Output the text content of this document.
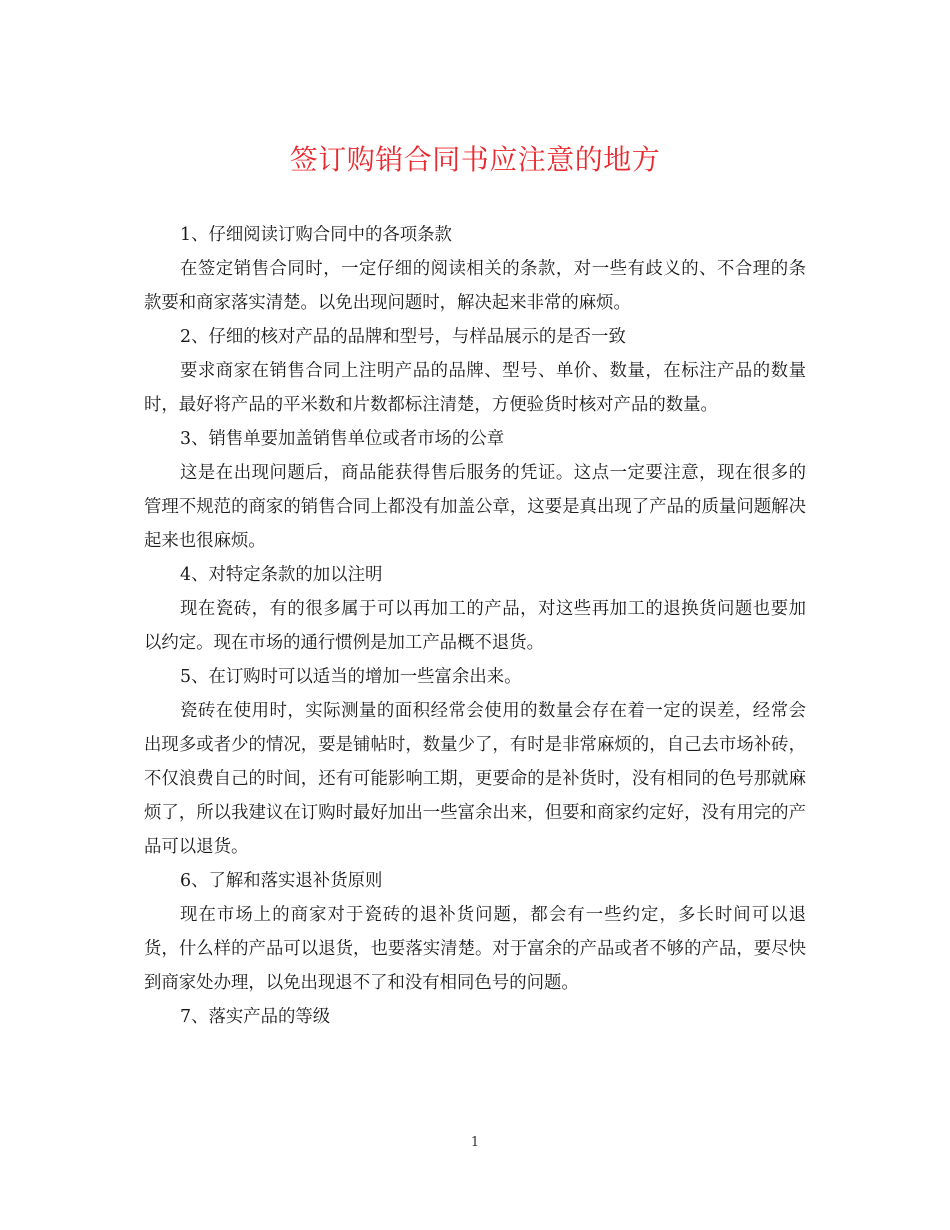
签订购销合同书应注意的地方

1、仔细阅读订购合同中的各项条款

在签定销售合同时，一定仔细的阅读相关的条款，对一些有歧义的、不合理的条款要和商家落实清楚。以免出现问题时，解决起来非常的麻烦。

2、仔细的核对产品的品牌和型号，与样品展示的是否一致

要求商家在销售合同上注明产品的品牌、型号、单价、数量，在标注产品的数量时，最好将产品的平米数和片数都标注清楚，方便验货时核对产品的数量。

3、销售单要加盖销售单位或者市场的公章

这是在出现问题后，商品能获得售后服务的凭证。这点一定要注意，现在很多的管理不规范的商家的销售合同上都没有加盖公章，这要是真出现了产品的质量问题解决起来也很麻烦。

4、对特定条款的加以注明

现在瓷砖，有的很多属于可以再加工的产品，对这些再加工的退换货问题也要加以约定。现在市场的通行惯例是加工产品概不退货。

5、在订购时可以适当的增加一些富余出来。

瓷砖在使用时，实际测量的面积经常会使用的数量会存在着一定的误差，经常会出现多或者少的情况，要是铺帖时，数量少了，有时是非常麻烦的，自己去市场补砖，不仅浪费自己的时间，还有可能影响工期，更要命的是补货时，没有相同的色号那就麻烦了，所以我建议在订购时最好加出一些富余出来，但要和商家约定好，没有用完的产品可以退货。

6、了解和落实退补货原则

现在市场上的商家对于瓷砖的退补货问题，都会有一些约定，多长时间可以退货，什么样的产品可以退货，也要落实清楚。对于富余的产品或者不够的产品，要尽快到商家处办理，以免出现退不了和没有相同色号的问题。

7、落实产品的等级

1
